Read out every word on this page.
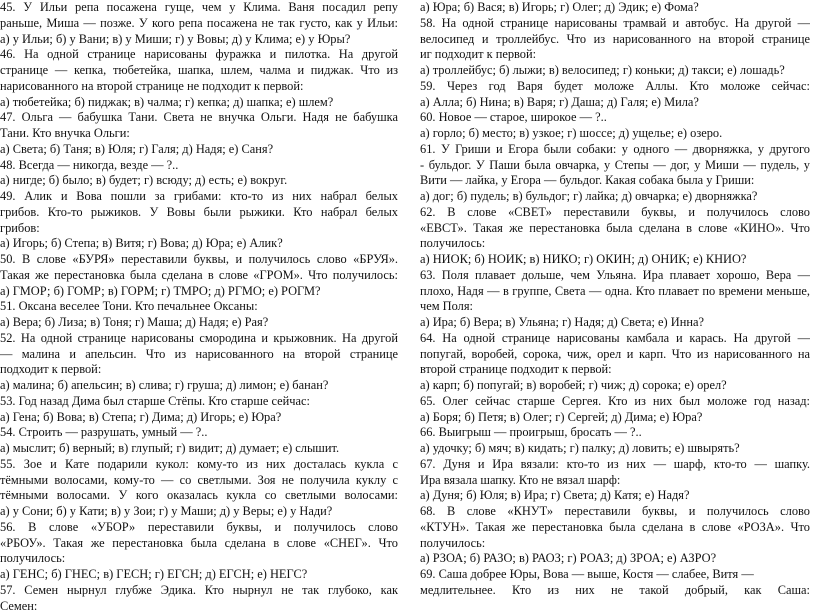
45. У Ильи репа посажена гуще, чем у Клима. Ваня посадил репу
раньше, Миша — позже. У кого репа посажена не так густо, как у Ильи:
а) у Ильи; б) у Вани; в) у Миши; г) у Вовы; д) у Клима; е) у Юры?
46. На одной странице нарисованы фуражка и пилотка. На другой
странице — кепка, тюбетейка, шапка, шлем, чалма и пиджак. Что из
нарисованного на второй странице не подходит к первой:
а) тюбетейка; б) пиджак; в) чалма; г) кепка; д) шапка; е) шлем?
47. Ольга — бабушка Тани. Света не внучка Ольги. Надя не бабушка
Тани. Кто внучка Ольги:
а) Света; б) Таня; в) Юля; г) Галя; д) Надя; е) Саня?
48. Всегда — никогда, везде — ?..
а) нигде; б) было; в) будет; г) всюду; д) есть; е) вокруг.
49. Алик и Вова пошли за грибами: кто-то из них набрал белых
грибов. Кто-то рыжиков. У Вовы были рыжики. Кто набрал белых
грибов:
а) Игорь; б) Степа; в) Витя; г) Вова; д) Юра; е) Алик?
50. В слове «БУРЯ» переставили буквы, и получилось слово «БРУЯ».
Такая же перестановка была сделана в слове «ГРОМ». Что получилось:
а) ГМОР; б) ГОМР; в) ГОРМ; г) ТМРО; д) РГМО; е) РОГМ?
51. Оксана веселее Тони. Кто печальнее Оксаны:
а) Вера; б) Лиза; в) Тоня; г) Маша; д) Надя; е) Рая?
52. На одной странице нарисованы смородина и крыжовник. На другой
— малина и апельсин. Что из нарисованного на второй странице
подходит к первой:
а) малина; б) апельсин; в) слива; г) груша; д) лимон; е) банан?
53. Год назад Дима был старше Стёпы. Кто старше сейчас:
а) Гена; б) Вова; в) Степа; г) Дима; д) Игорь; е) Юра?
54. Строить — разрушать, умный — ?..
а) мыслит; б) верный; в) глупый; г) видит; д) думает; е) слышит.
55. Зое и Кате подарили кукол: кому-то из них досталась кукла с
тёмными волосами, кому-то — со светлыми. Зоя не получила куклу с
тёмными волосами. У кого оказалась кукла со светлыми волосами:
а) у Сони; б) у Кати; в) у Зои; г) у Маши; д) у Веры; е) у Нади?
56. В слове «УБОР» переставили буквы, и получилось слово
«РБОУ». Такая же перестановка была сделана в слове «СНЕГ». Что
получилось:
а) ГЕНС; б) ГНЕС; в) ГЕСН; г) ЕГСН; д) ЕГСН; е) НЕГС?
57. Семен нырнул глубже Эдика. Кто нырнул не так глубоко, как
Семен:
а) Юра; б) Вася; в) Игорь; г) Олег; д) Эдик; е) Фома?
58. На одной странице нарисованы трамвай и автобус. На другой —
велосипед и троллейбус. Что из нарисованного на второй странице
иг подходит к первой:
а) троллейбус; б) лыжи; в) велосипед; г) коньки; д) такси; е) лошадь?
59. Через год Варя будет моложе Аллы. Кто моложе сейчас:
а) Алла; б) Нина; в) Варя; г) Даша; д) Галя; е) Мила?
60. Новое — старое, широкое — ?..
а) горло; б) место; в) узкое; г) шоссе; д) ущелье; е) озеро.
61. У Гриши и Егора были собаки: у одного — дворняжка, у другого
- бульдог. У Паши была овчарка, у Степы — дог, у Миши — пудель, у
Вити — лайка, у Егора — бульдог. Какая собака была у Гриши:
а) дог; б) пудель; в) бульдог; г) лайка; д) овчарка; е) дворняжка?
62. В слове «СВЕТ» переставили буквы, и получилось слово
«ЕВСТ». Такая же перестановка была сделана в слове «КИНО». Что
получилось:
а) НИОК; б) НОИК; в) НИКО; г) ОКИН; д) ОНИК; е) КНИО?
63. Поля плавает дольше, чем Ульяна. Ира плавает хорошо, Вера —
плохо, Надя — в группе, Света — одна. Кто плавает по времени меньше,
чем Поля:
а) Ира; б) Вера; в) Ульяна; г) Надя; д) Света; е) Инна?
64. На одной странице нарисованы камбала и карась. На другой —
попугай, воробей, сорока, чиж, орел и карп. Что из нарисованного на
второй странице подходит к первой:
а) карп; б) попугай; в) воробей; г) чиж; д) сорока; е) орел?
65. Олег сейчас старше Сергея. Кто из них был моложе год назад:
а) Боря; б) Петя; в) Олег; г) Сергей; д) Дима; е) Юра?
66. Выигрыш — проигрыш, бросать — ?..
а) удочку; б) мяч; в) кидать; г) палку; д) ловить; е) швырять?
67. Дуня и Ира вязали: кто-то из них — шарф, кто-то — шапку.
Ира вязала шапку. Кто не вязал шарф:
а) Дуня; б) Юля; в) Ира; г) Света; д) Катя; е) Надя?
68. В слове «КНУТ» переставили буквы, и получилось слово
«КТУН». Такая же перестановка была сделана в слове «РОЗА». Что
получилось:
а) РЗОА; б) РАЗО; в) РАОЗ; г) РОАЗ; д) ЗРОА; е) АЗРО?
69. Саша добрее Юры, Вова — выше, Костя — слабее, Витя —
медлительнее. Кто из них не такой добрый, как Саша:
